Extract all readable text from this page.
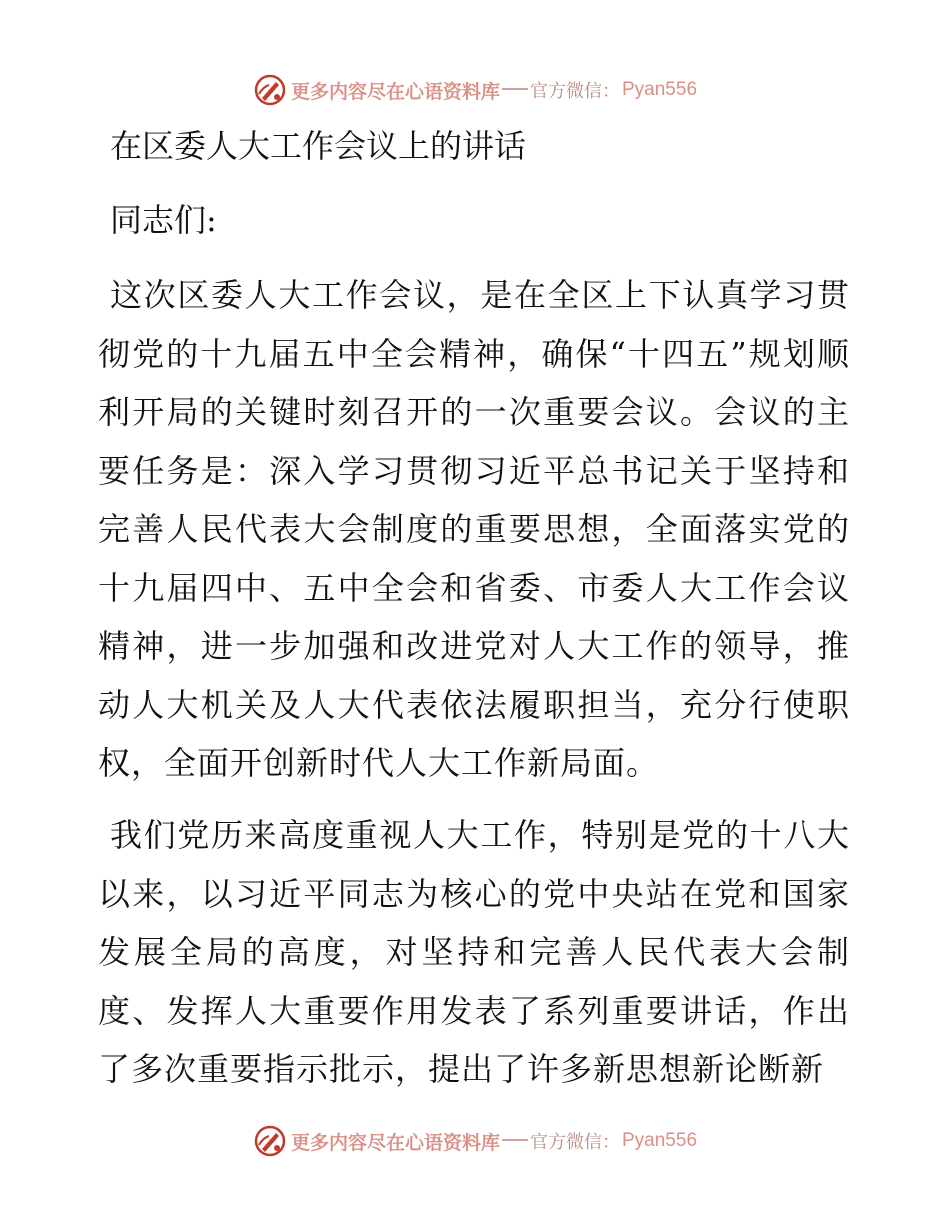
更多内容尽在心语资料库 官方微信： Pyan556
在区委人大工作会议上的讲话
同志们:

这次区委人大工作会议，是在全区上下认真学习贯彻党的十九届五中全会精神，确保“十四五”规划顺利开局的关键时刻召开的一次重要会议。会议的主要任务是：深入学习贯彻习近平总书记关于坚持和完善人民代表大会制度的重要思想，全面落实党的十九届四中、五中全会和省委、市委人大工作会议精神，进一步加强和改进党对人大工作的领导，推动人大机关及人大代表依法履职担当，充分行使职权，全面开创新时代人大工作新局面。

我们党历来高度重视人大工作，特别是党的十八大以来，以习近平同志为核心的党中央站在党和国家发展全局的高度，对坚持和完善人民代表大会制度、发挥人大重要作用发表了系列重要讲话，作出了多次重要指示批示，提出了许多新思想新论断新

更多内容尽在心语资料库 官方微信： Pyan556
